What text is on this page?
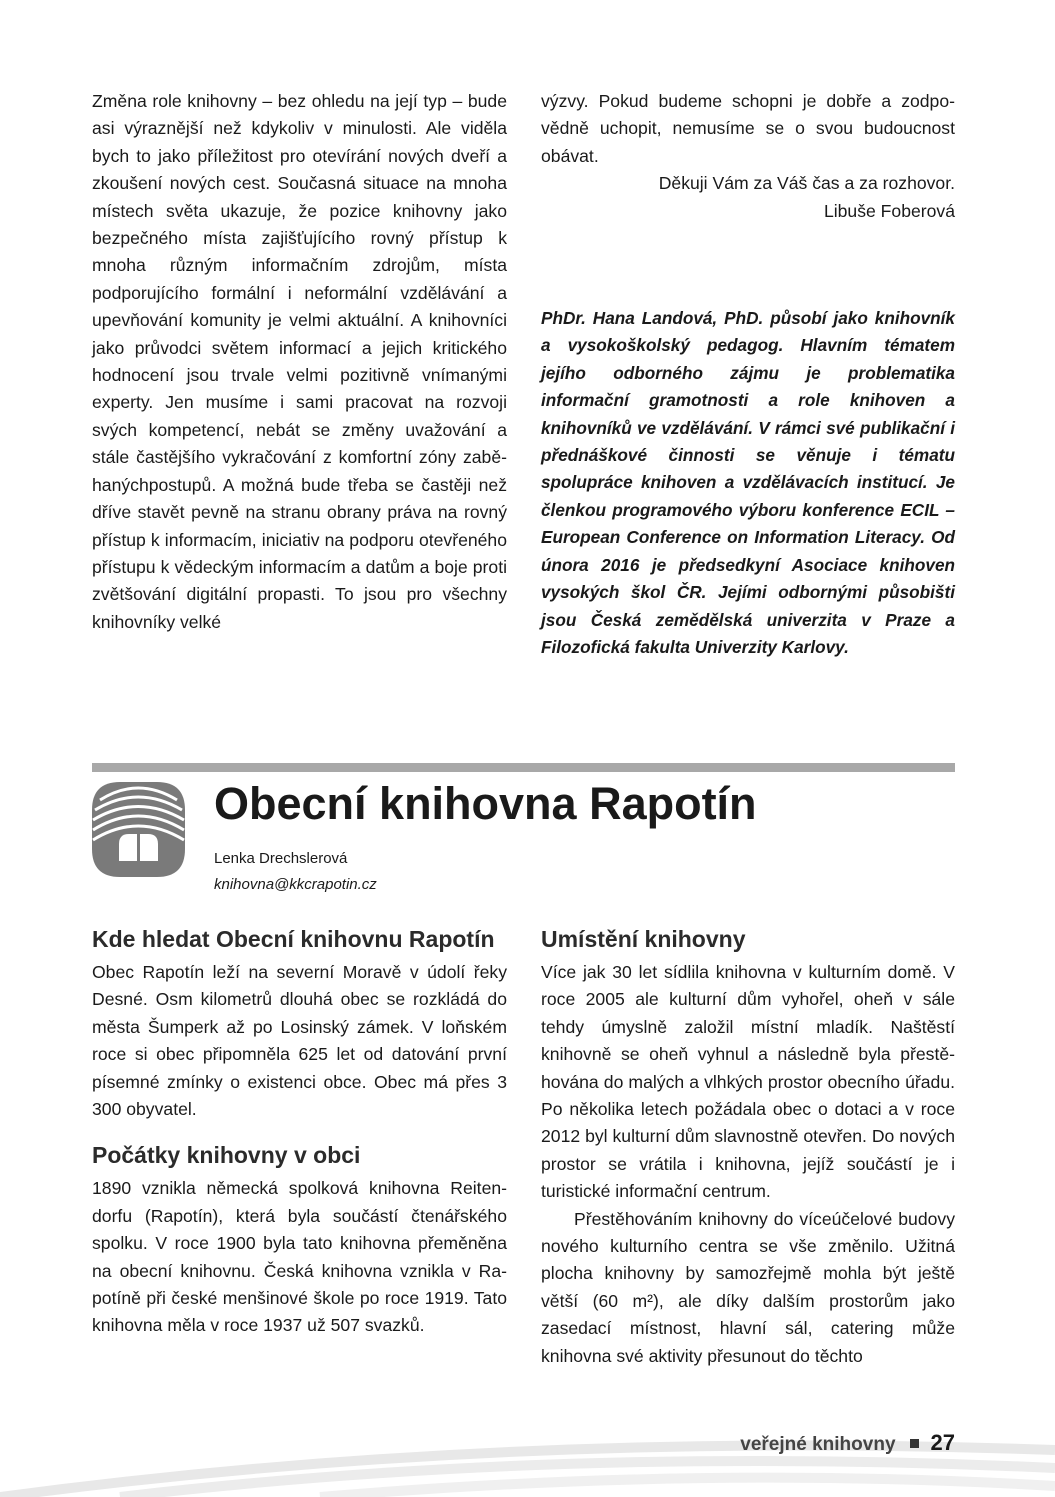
Změna role knihovny – bez ohledu na její typ – bude asi výraznější než kdykoliv v minulosti. Ale viděla bych to jako příležitost pro otevírání nových dveří a zkoušení nových cest. Současná situace na mnoha místech světa ukazuje, že pozice knihovny jako bezpečného místa zajišťujícího rovný přístup k mnoha různým informačním zdrojům, místa podporujícího formální i neformální vzdělávání a upevňování komunity je velmi aktuální. A knihovníci jako průvodci světem informací a jejich kritického hodnocení jsou trvale velmi pozitivně vnímanými experty. Jen musíme i sami pracovat na rozvoji svých kompetencí, nebát se změny uvažování a stále častějšího vykračování z komfortní zóny zaběhanýchpostupů. A možná bude třeba se častěji než dříve stavět pevně na stranu obrany práva na rovný přístup k informacím, iniciativ na podporu otevřeného přístupu k vědeckým informacím a datům a boje proti zvětšování digitální propasti. To jsou pro všechny knihovníky velké

výzvy. Pokud budeme schopni je dobře a zodpovědně uchopit, nemusíme se o svou budoucnost obávat.

Děkuji Vám za Váš čas a za rozhovor.

Libuše Foberová

PhDr. Hana Landová, PhD. působí jako knihovník a vysokoškolský pedagog. Hlavním tématem jejího odborného zájmu je problematika informační gramotnosti a role knihoven a knihovníků ve vzdělávání. V rámci své publikační i přednáškové činnosti se věnuje i tématu spolupráce knihoven a vzdělávacích institucí. Je členkou programového výboru konference ECIL – European Conference on Information Literacy. Od února 2016 je předsedkyní Asociace knihoven vysokých škol ČR. Jejími odbornými působišti jsou Česká zemědělská univerzita v Praze a Filozofická fakulta Univerzity Karlovy.

Obecní knihovna Rapotín
Lenka Drechslerová
knihovna@kkcrapotin.cz
Kde hledat Obecní knihovnu Rapotín

Obec Rapotín leží na severní Moravě v údolí řeky Desné. Osm kilometrů dlouhá obec se rozkládá do města Šumperk až po Losinský zámek. V loňském roce si obec připomněla 625 let od datování první písemné zmínky o existenci obce. Obec má přes 3 300 obyvatel.

Počátky knihovny v obci

1890 vznikla německá spolková knihovna Reitendorfu (Rapotín), která byla součástí čtenářského spolku. V roce 1900 byla tato knihovna přeměněna na obecní knihovnu. Česká knihovna vznikla v Rapotíně při české menšinové škole po roce 1919. Tato knihovna měla v roce 1937 už 507 svazků.

Umístění knihovny

Více jak 30 let sídlila knihovna v kulturním domě. V roce 2005 ale kulturní dům vyhořel, oheň v sále tehdy úmyslně založil místní mladík. Naštěstí knihovně se oheň vyhnul a následně byla přestěhována do malých a vlhkých prostor obecního úřadu. Po několika letech požádala obec o dotaci a v roce 2012 byl kulturní dům slavnostně otevřen. Do nových prostor se vrátila i knihovna, jejíž součástí je i turistické informační centrum.

Přestěhováním knihovny do víceúčelové budovy nového kulturního centra se vše změnilo. Užitná plocha knihovny by samozřejmě mohla být ještě větší (60 m²), ale díky dalším prostorům jako zasedací místnost, hlavní sál, catering může knihovna své aktivity přesunout do těchto

veřejné knihovny 27
